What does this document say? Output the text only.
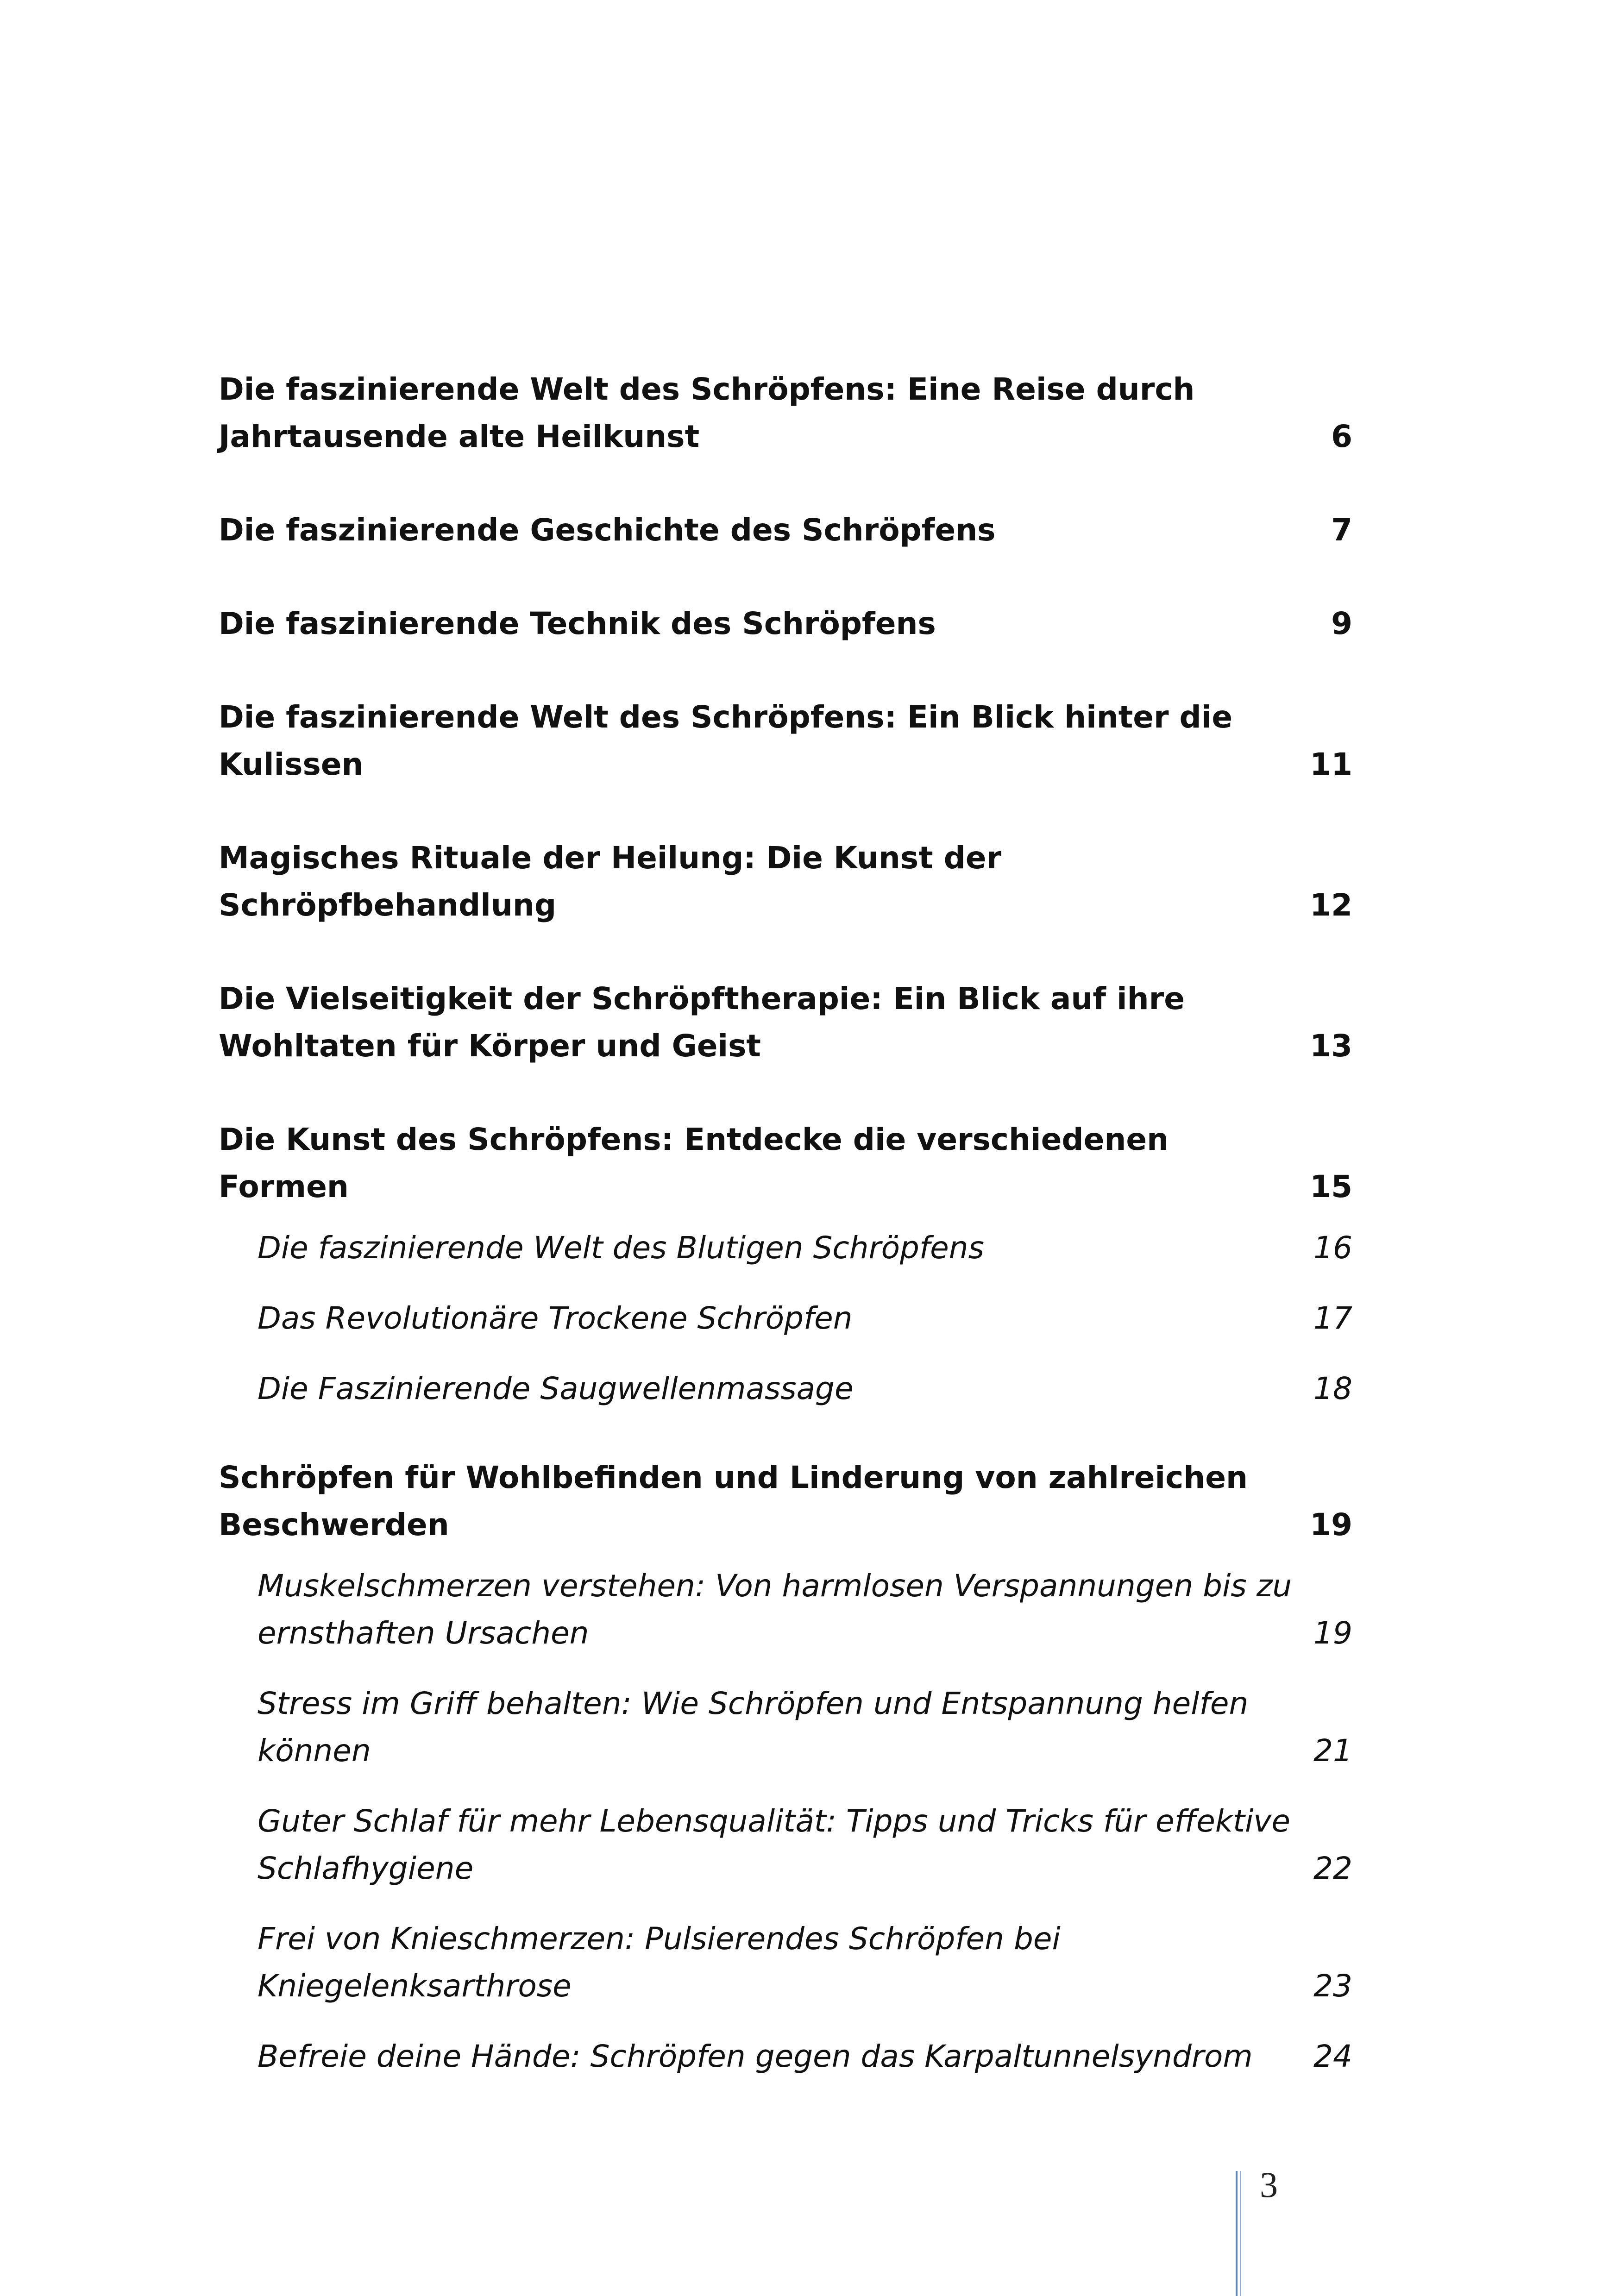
Die faszinierende Welt des Schröpfens: Eine Reise durch Jahrtausende alte Heilkunst	6
Die faszinierende Geschichte des Schröpfens	7
Die faszinierende Technik des Schröpfens	9
Die faszinierende Welt des Schröpfens: Ein Blick hinter die Kulissen	11
Magisches Rituale der Heilung: Die Kunst der Schröpfbehandlung	12
Die Vielseitigkeit der Schröpftherapie: Ein Blick auf ihre Wohltaten für Körper und Geist	13
Die Kunst des Schröpfens: Entdecke die verschiedenen Formen	15
Die faszinierende Welt des Blutigen Schröpfens	16
Das Revolutionäre Trockene Schröpfen	17
Die Faszinierende Saugwellenmassage	18
Schröpfen für Wohlbefinden und Linderung von zahlreichen Beschwerden	19
Muskelschmerzen verstehen: Von harmlosen Verspannungen bis zu ernsthaften Ursachen	19
Stress im Griff behalten: Wie Schröpfen und Entspannung helfen können	21
Guter Schlaf für mehr Lebensqualität: Tipps und Tricks für effektive Schlafhygiene	22
Frei von Knieschmerzen: Pulsierendes Schröpfen bei Kniegelenksarthrose	23
Befreie deine Hände: Schröpfen gegen das Karpaltunnelsyndrom	24
3
